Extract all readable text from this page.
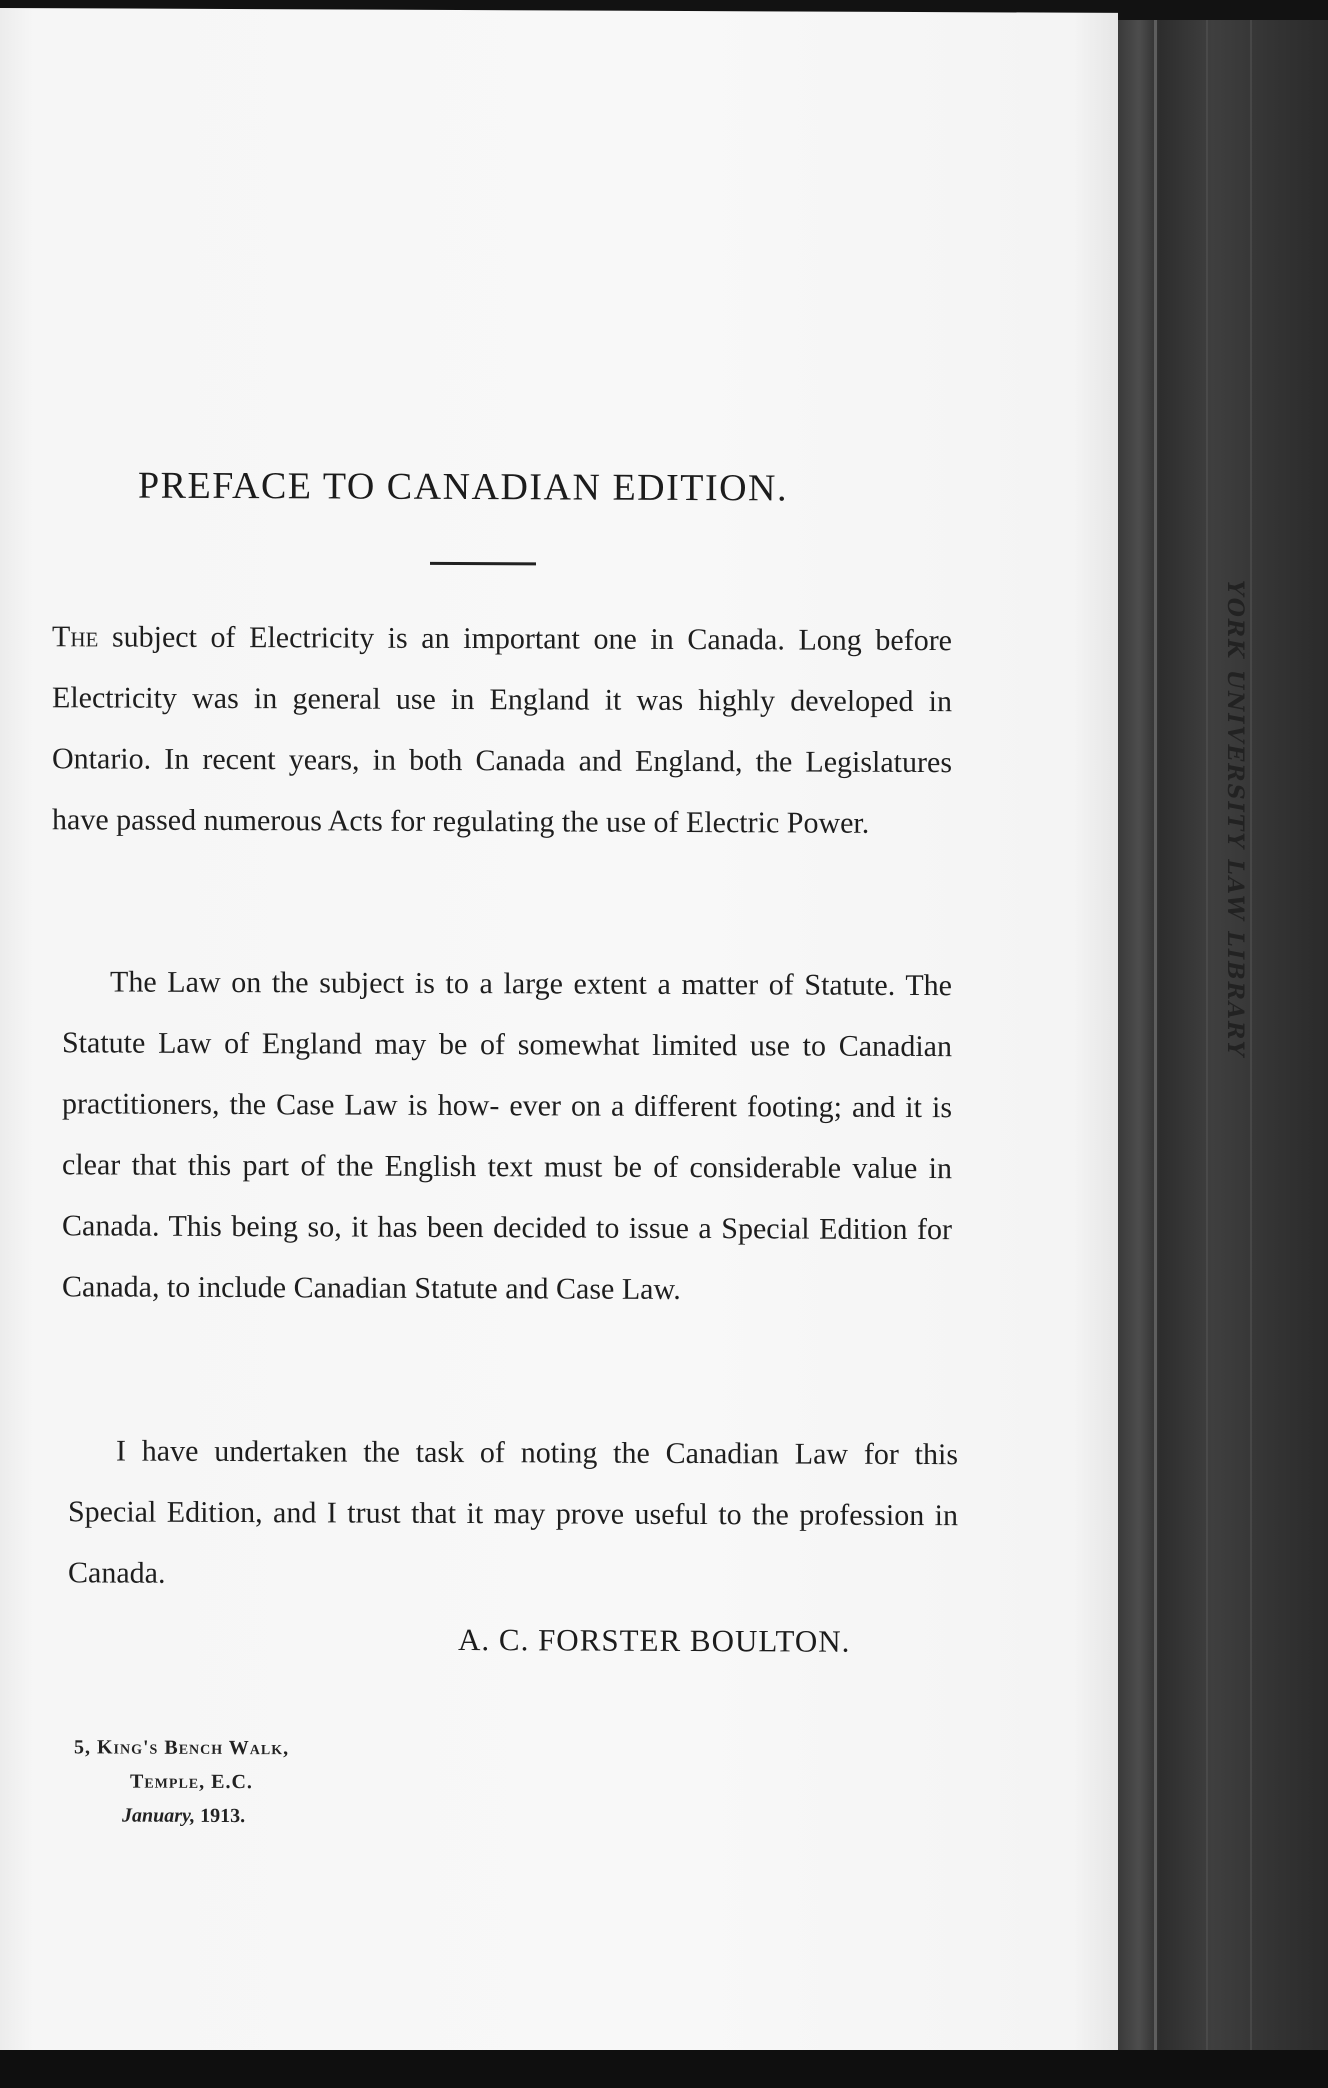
YORK UNIVERSITY LAW LIBRARY
PREFACE TO CANADIAN EDITION.

The subject of Electricity is an important one in Canada. Long before Electricity was in general use in England it was highly developed in Ontario. In recent years, in both Canada and England, the Legislatures have passed numerous Acts for regulating the use of Electric Power.

The Law on the subject is to a large extent a matter of Statute. The Statute Law of England may be of somewhat limited use to Canadian practitioners, the Case Law is how- ever on a different footing; and it is clear that this part of the English text must be of considerable value in Canada. This being so, it has been decided to issue a Special Edition for Canada, to include Canadian Statute and Case Law.

I have undertaken the task of noting the Canadian Law for this Special Edition, and I trust that it may prove useful to the profession in Canada.

A. C. FORSTER BOULTON.
5, King's Bench Walk,
Temple, E.C.
January, 1913.
